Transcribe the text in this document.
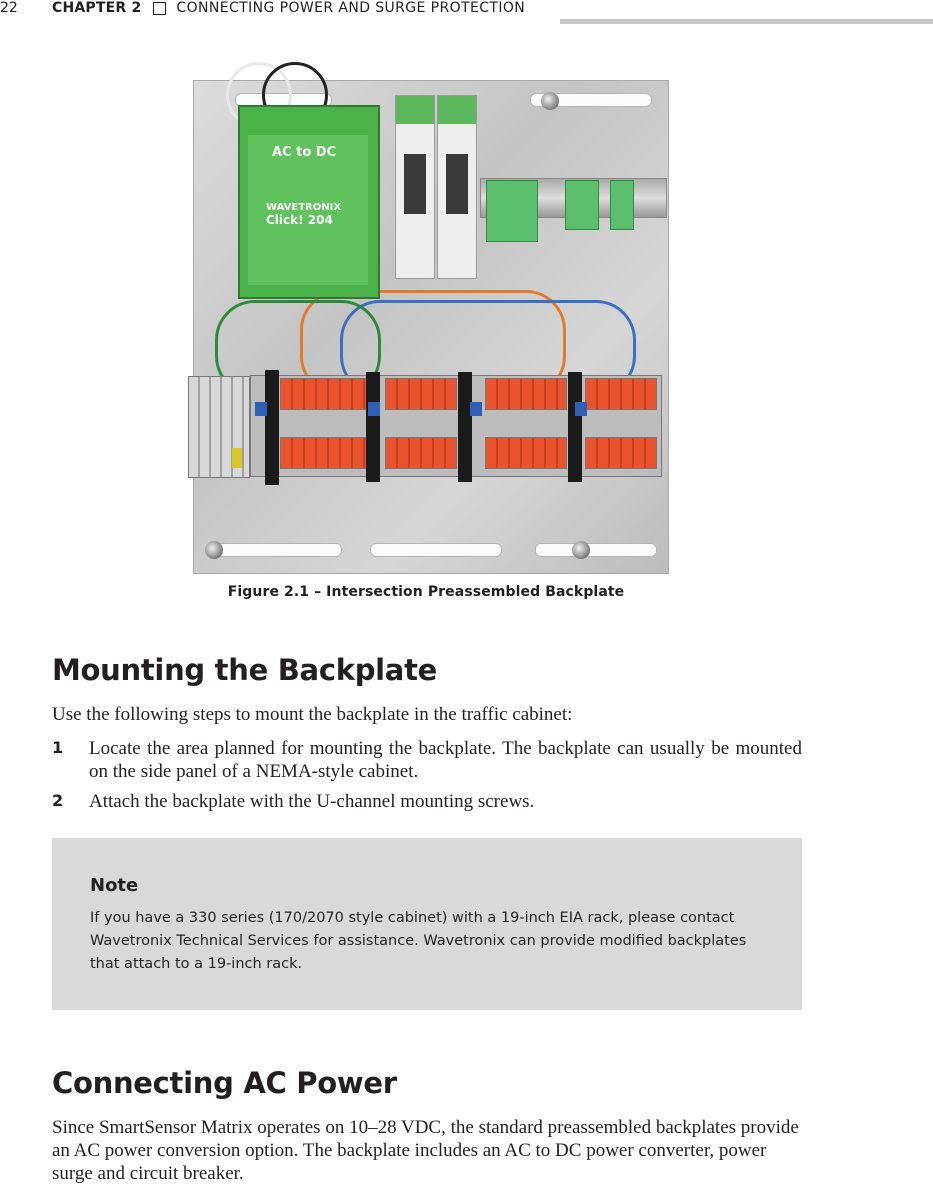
22 CHAPTER 2	CONNECTING POWER AND SURGE PROTECTION
AC to DC
WAVETRONIX
Click! 204
Figure 2.1 – Intersection Preassembled Backplate
Mounting the Backplate
Use the following steps to mount the backplate in the traffic cabinet:
1 Locate the area planned for mounting the backplate. The backplate can usually be mounted on the side panel of a NEMA-style cabinet.
2 Attach the backplate with the U-channel mounting screws.
Note
If you have a 330 series (170/2070 style cabinet) with a 19-inch EIA rack, please contact Wavetronix Technical Services for assistance. Wavetronix can provide modified backplates that attach to a 19-inch rack.
Connecting AC Power
Since SmartSensor Matrix operates on 10–28 VDC, the standard preassembled backplates provide an AC power conversion option. The backplate includes an AC to DC power converter, power surge and circuit breaker.
